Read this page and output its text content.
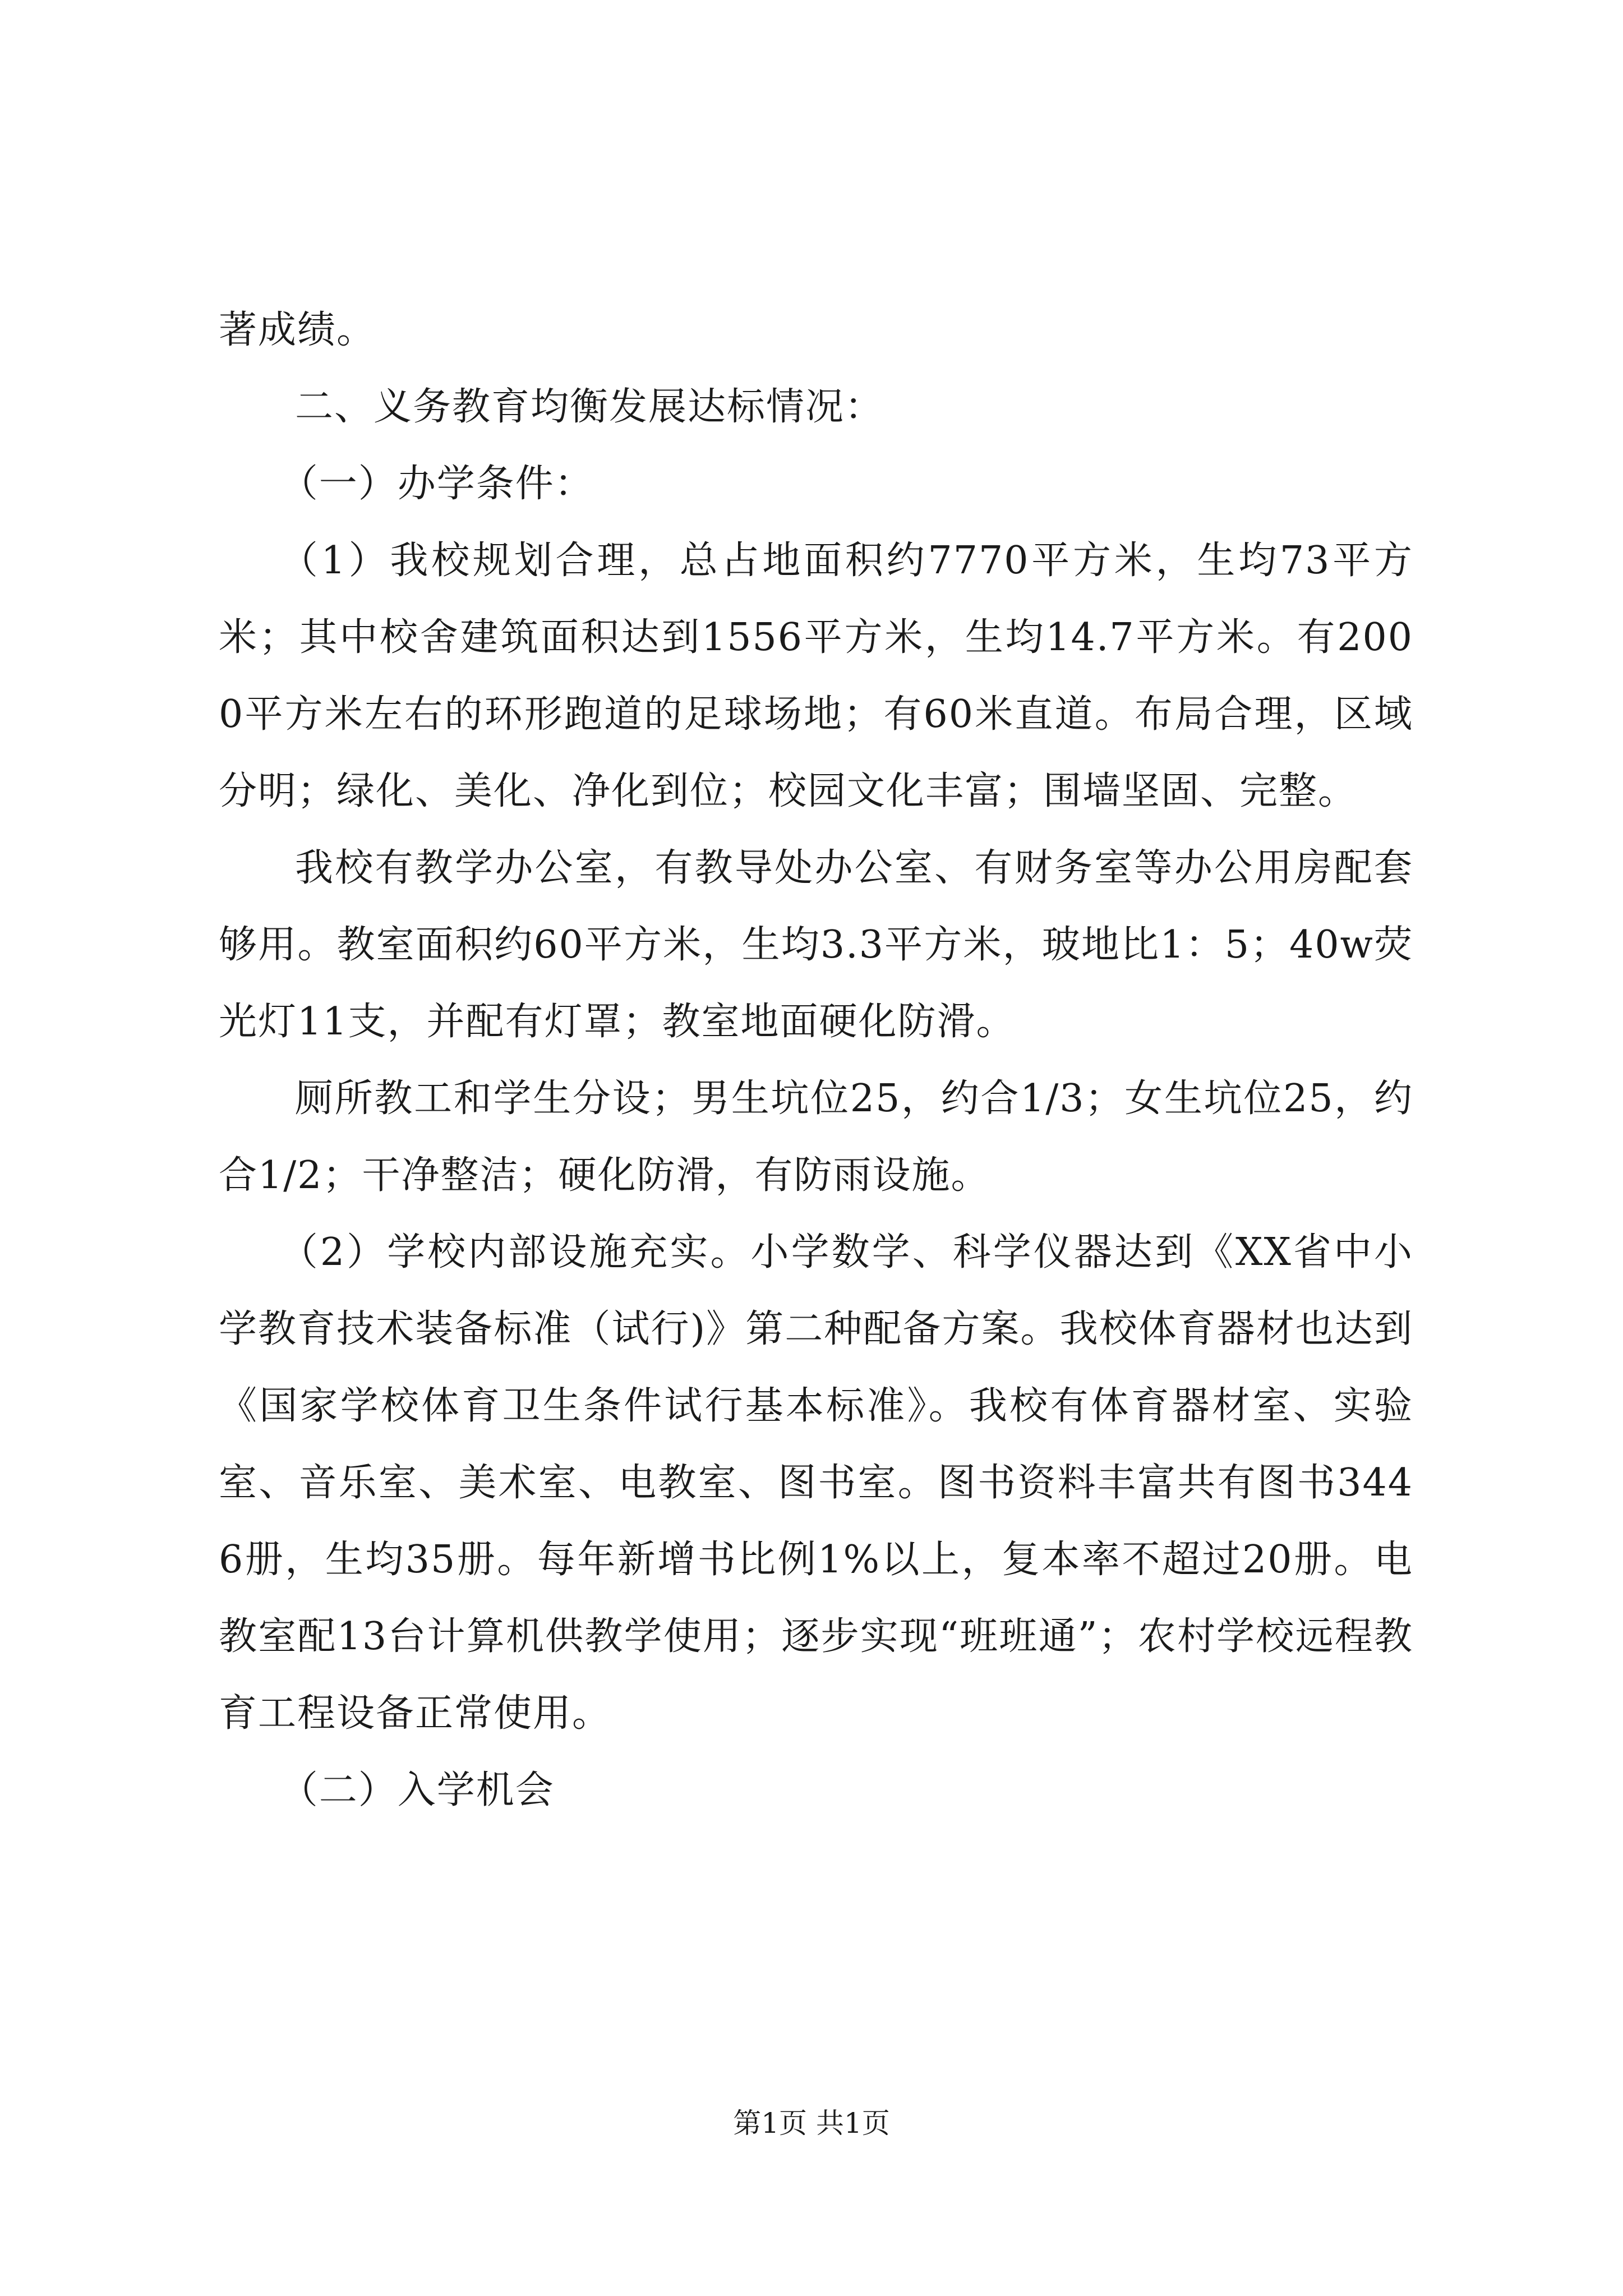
著成绩。

二、义务教育均衡发展达标情况：

（一）办学条件：

（1）我校规划合理，总占地面积约7770平方米，生均73平方米；其中校舍建筑面积达到1556平方米，生均14.7平方米。有2000平方米左右的环形跑道的足球场地；有60米直道。布局合理，区域分明；绿化、美化、净化到位；校园文化丰富；围墙坚固、完整。

我校有教学办公室，有教导处办公室、有财务室等办公用房配套够用。教室面积约60平方米，生均3.3平方米，玻地比1：5；40w荧光灯11支，并配有灯罩；教室地面硬化防滑。

厕所教工和学生分设；男生坑位25，约合1/3；女生坑位25，约合1/2；干净整洁；硬化防滑，有防雨设施。

（2）学校内部设施充实。小学数学、科学仪器达到《XX省中小学教育技术装备标准（试行)》第二种配备方案。我校体育器材也达到《国家学校体育卫生条件试行基本标准》。我校有体育器材室、实验室、音乐室、美术室、电教室、图书室。图书资料丰富共有图书3446册，生均35册。每年新增书比例1%以上，复本率不超过20册。电教室配13台计算机供教学使用；逐步实现“班班通”；农村学校远程教育工程设备正常使用。

（二）入学机会

第1页 共1页
